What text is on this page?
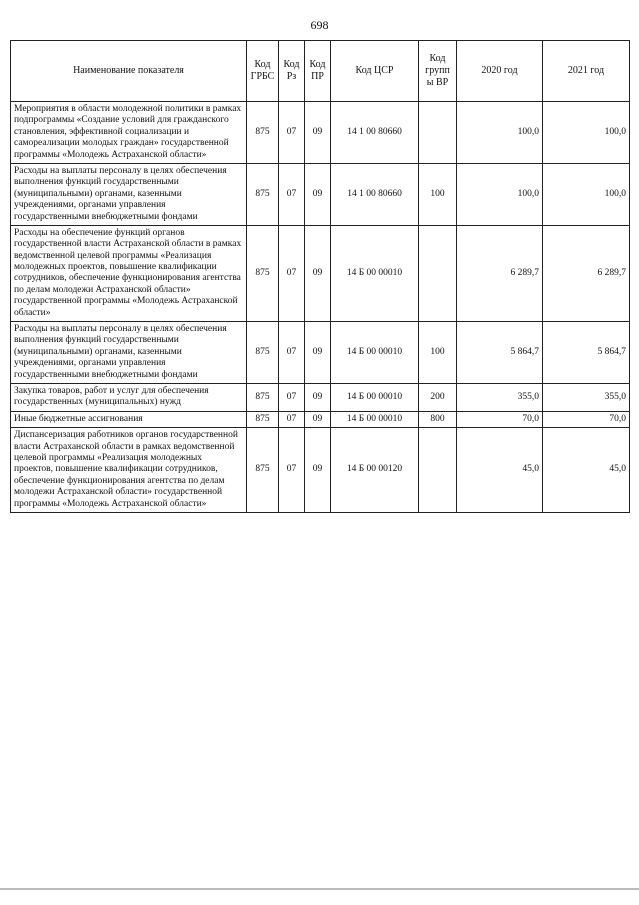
698
Наименование показателя	Код ГРБС	Код Рз	Код ПР	Код ЦСР	Код группы ВР	2020 год	2021 год
Мероприятия в области молодежной политики в рамках подпрограммы «Создание условий для гражданского становления, эффективной социализации и самореализации молодых граждан» государственной программы «Молодежь Астраханской области»	875	07	09	14 1 00 80660		100,0	100,0
Расходы на выплаты персоналу в целях обеспечения выполнения функций государственными (муниципальными) органами, казенными учреждениями, органами управления государственными внебюджетными фондами	875	07	09	14 1 00 80660	100	100,0	100,0
Расходы на обеспечение функций органов государственной власти Астраханской области в рамках ведомственной целевой программы «Реализация молодежных проектов, повышение квалификации сотрудников, обеспечение функционирования агентства по делам молодежи Астраханской области» государственной программы «Молодежь Астраханской области»	875	07	09	14 Б 00 00010		6 289,7	6 289,7
Расходы на выплаты персоналу в целях обеспечения выполнения функций государственными (муниципальными) органами, казенными учреждениями, органами управления государственными внебюджетными фондами	875	07	09	14 Б 00 00010	100	5 864,7	5 864,7
Закупка товаров, работ и услуг для обеспечения государственных (муниципальных) нужд	875	07	09	14 Б 00 00010	200	355,0	355,0
Иные бюджетные ассигнования	875	07	09	14 Б 00 00010	800	70,0	70,0
Диспансеризация работников органов государственной власти Астраханской области в рамках ведомственной целевой программы «Реализация молодежных проектов, повышение квалификации сотрудников, обеспечение функционирования агентства по делам молодежи Астраханской области» государственной программы «Молодежь Астраханской области»	875	07	09	14 Б 00 00120		45,0	45,0
